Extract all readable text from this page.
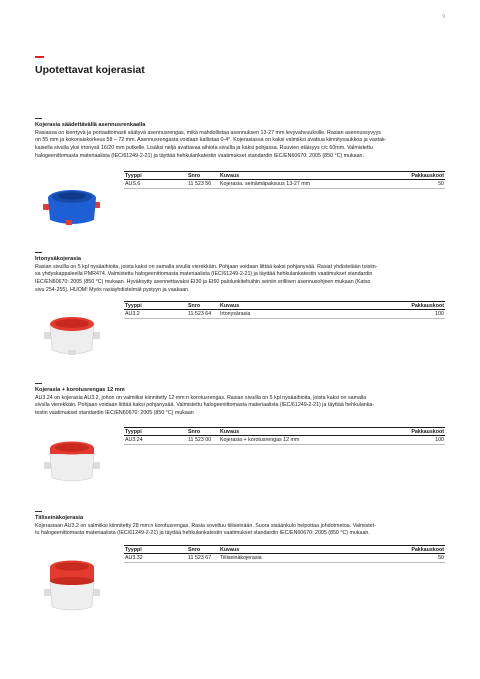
9
Upotettavat kojerasiat
Kojerasia säädettävällä asennusrenkaalla
Rasiassa on kierrtyvä ja portaattomasti säätyvä asennusrengas, mikä mahdollistaa asennuksen 13-27 mm levyvahvuuksille. Rasian asennussyvyys
on 55 mm ja kokonaiskorkeus 58 – 72 mm. Asennusrengasta voidaan kallistaa 0-4°. Kojerasiassa on kaksi valmiiksi avattua kiinnitysaukkoa ja vastak-
kaisella sivulla yksi irtonysä 16/20 mm putkelle. Lisäksi neljä avattavaa aihiota sivuilla ja kaksi pohjassa. Ruuvien etäisyys c/c 60mm. Valmistettu
halogeenittomasta materiaalista (IEC/61249-2-21) ja täyttää hehkulankatestin vaatimukset standardin IEC/EN60670: 2005 (850 °C) mukaan.
Tyyppi	Snro	Kuvaus	Pakkauskoot
AUS.6	11 523 56	Kojerasia, seinämäpaksuus 13-27 mm	50
Irtonysäkojerasia
Rasian sivuilla on 5 kpl nysäaihioita, joista kaksi on samalla sivulla vierekkäin. Pohjaan voidaan liittää kaksi pohjanysää. Rasiat yhdistetään toisiin-
sa yhdyskappaleella PMR474. Valmistettu halogeenittomasta materiaalista (IEC/61249-2-21) ja täyttää hehkulankatestin vaatimukset standardin
IEC/EN60670: 2005 (850 °C) mukaan. Hyväksytty asennettavaksi EI30 ja EI60 paloluokiteltuihin seiniin erillisen asennusohjeen mukaan (Katso
sivu 254-255). HUOM! Myös rasiayhdistelmät pystyyn ja vaakaan.
Tyyppi	Snro	Kuvaus	Pakkauskoot
AU3.2	11 523 64	Irtonysärasia	100
Kojerasia + korotusrengas 12 mm
AU3.24 on kojerasia AU3.2, johon on valmiiksi kiinnitetty 12 mm:n korotusrengas. Rasian sivuilla on 5 kpl nysäaihioita, joista kaksi on samalla
sivulla vierekkäin. Pohjaan voidaan liittää kaksi pohjanysää. Valmistettu halogeenittomasta materiaalista (IEC/61249-2-21) ja täyttää hehkulanka-
testin vaatimukset standardin IEC/EN60670: 2005 (850 °C) mukaan
Tyyppi	Snro	Kuvaus	Pakkauskoot
AU3.24	11 523 00	Kojerasia + korotusrengas 12 mm	100
Tiiliseinäkojerasia
Kojerasiaan AU3.2 on valmiiksi kiinnitetty 28 mm:n korotusrengas. Rasia soveltuu tiiliseinään. Suora sisäänkulo helpottaa johdotmetoa. Valmistet-
tu halogeenittomasta materiaalista (IEC/61249-2-21) ja täyttää hehkulankatestin vaatimukset standardin IEC/EN60670: 2005 (850 °C) mukaan.
Tyyppi	Snro	Kuvaus	Pakkauskoot
AU3.32	11 523 67	Tiiliseinäkojerasia	50
